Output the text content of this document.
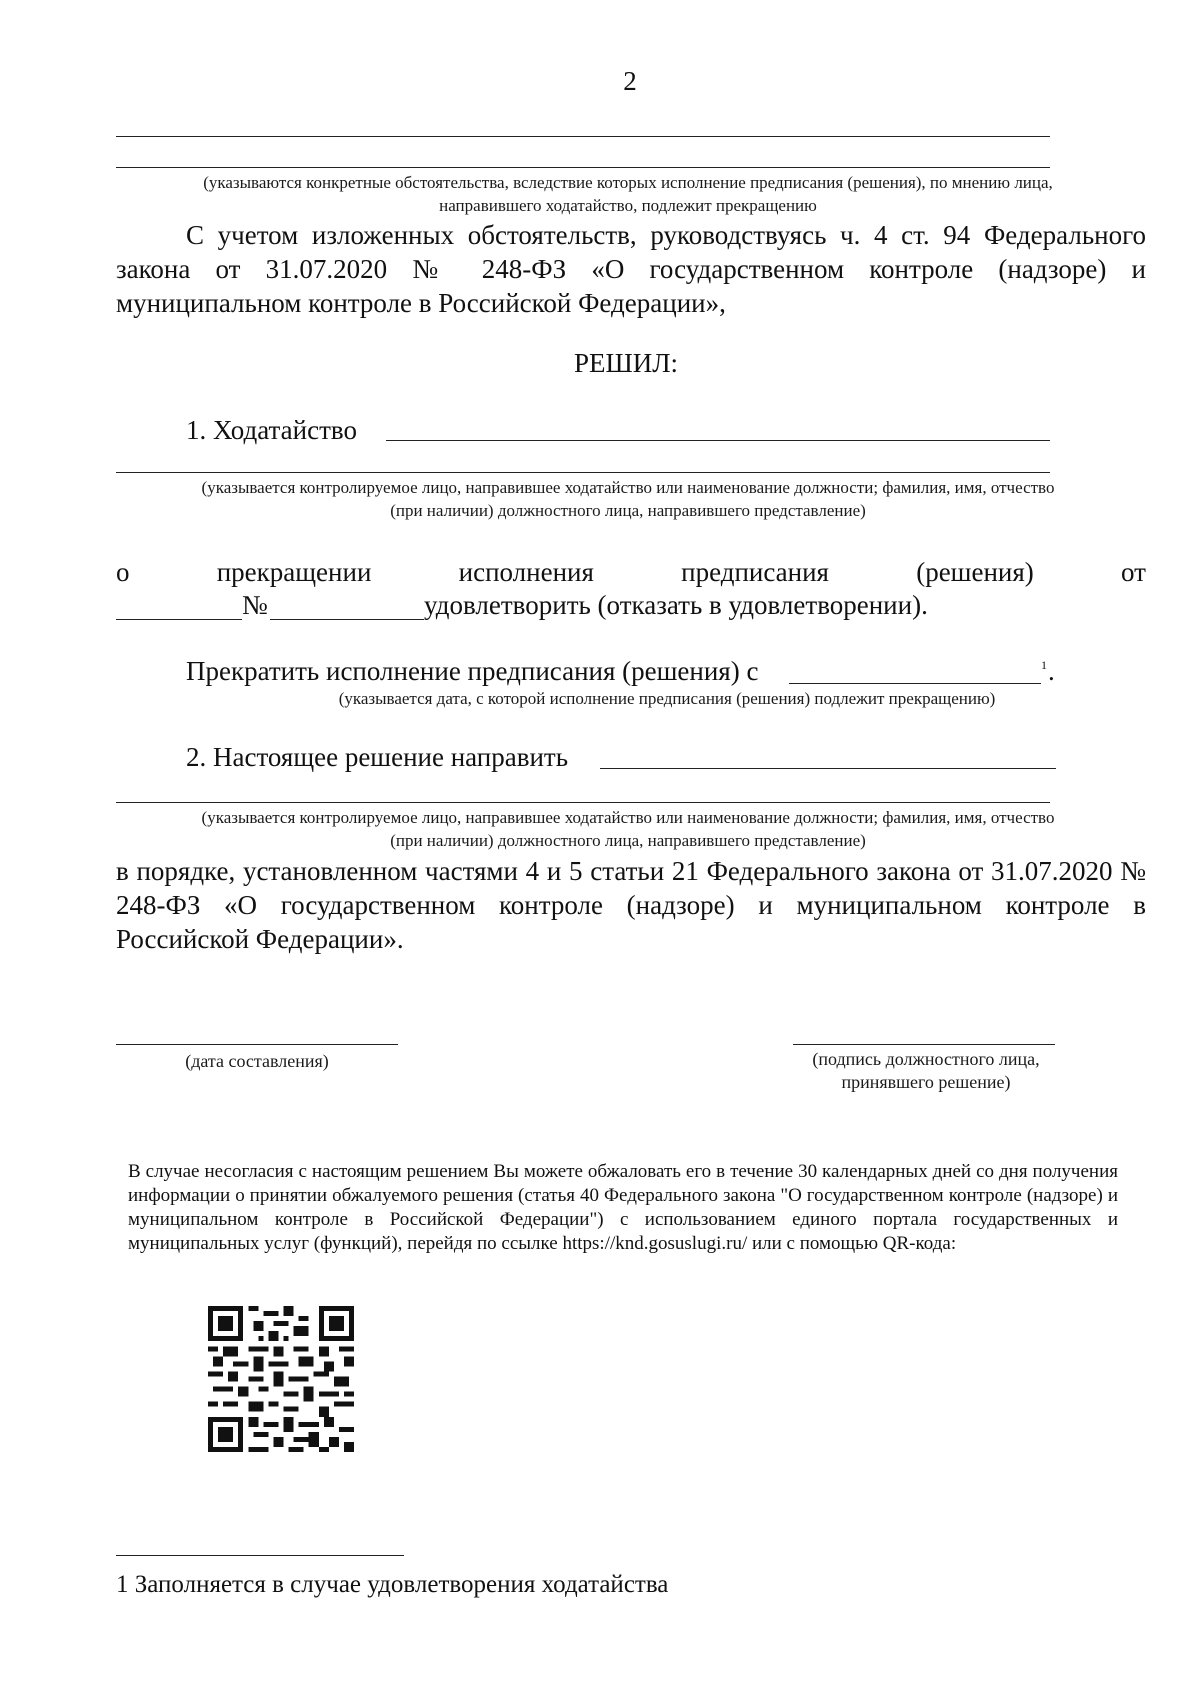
2
(указываются конкретные обстоятельства, вследствие которых исполнение предписания (решения), по мнению лица,
направившего ходатайство, подлежит прекращению
С учетом изложенных обстоятельств, руководствуясь ч. 4 ст. 94 Федерального закона от 31.07.2020 № 248-ФЗ «О государственном контроле (надзоре) и муниципальном контроле в Российской Федерации»,
РЕШИЛ:
1. Ходатайство
(указывается контролируемое лицо, направившее ходатайство или наименование должности; фамилия, имя, отчество
(при наличии) должностного лица, направившего представление)
о	прекращении	исполнения	предписания	(решения)	от
№	удовлетворить (отказать в удовлетворении).
Прекратить исполнение предписания (решения) с	1 .
(указывается дата, с которой исполнение предписания (решения) подлежит прекращению)
2. Настоящее решение направить
(указывается контролируемое лицо, направившее ходатайство или наименование должности; фамилия, имя, отчество
(при наличии) должностного лица, направившего представление)
в порядке, установленном частями 4 и 5 статьи 21 Федерального закона от 31.07.2020 № 248-ФЗ «О государственном контроле (надзоре) и муниципальном контроле в Российской Федерации».
(дата составления)	(подпись должностного лица,
принявшего решение)
В случае несогласия с настоящим решением Вы можете обжаловать его в течение 30 календарных дней со дня получения информации о принятии обжалуемого решения (статья 40 Федерального закона "О государственном контроле (надзоре) и муниципальном контроле в Российской Федерации") с использованием единого портала государственных и муниципальных услуг (функций), перейдя по ссылке https://knd.gosuslugi.ru/ или с помощью QR-кода:
1 Заполняется в случае удовлетворения ходатайства
